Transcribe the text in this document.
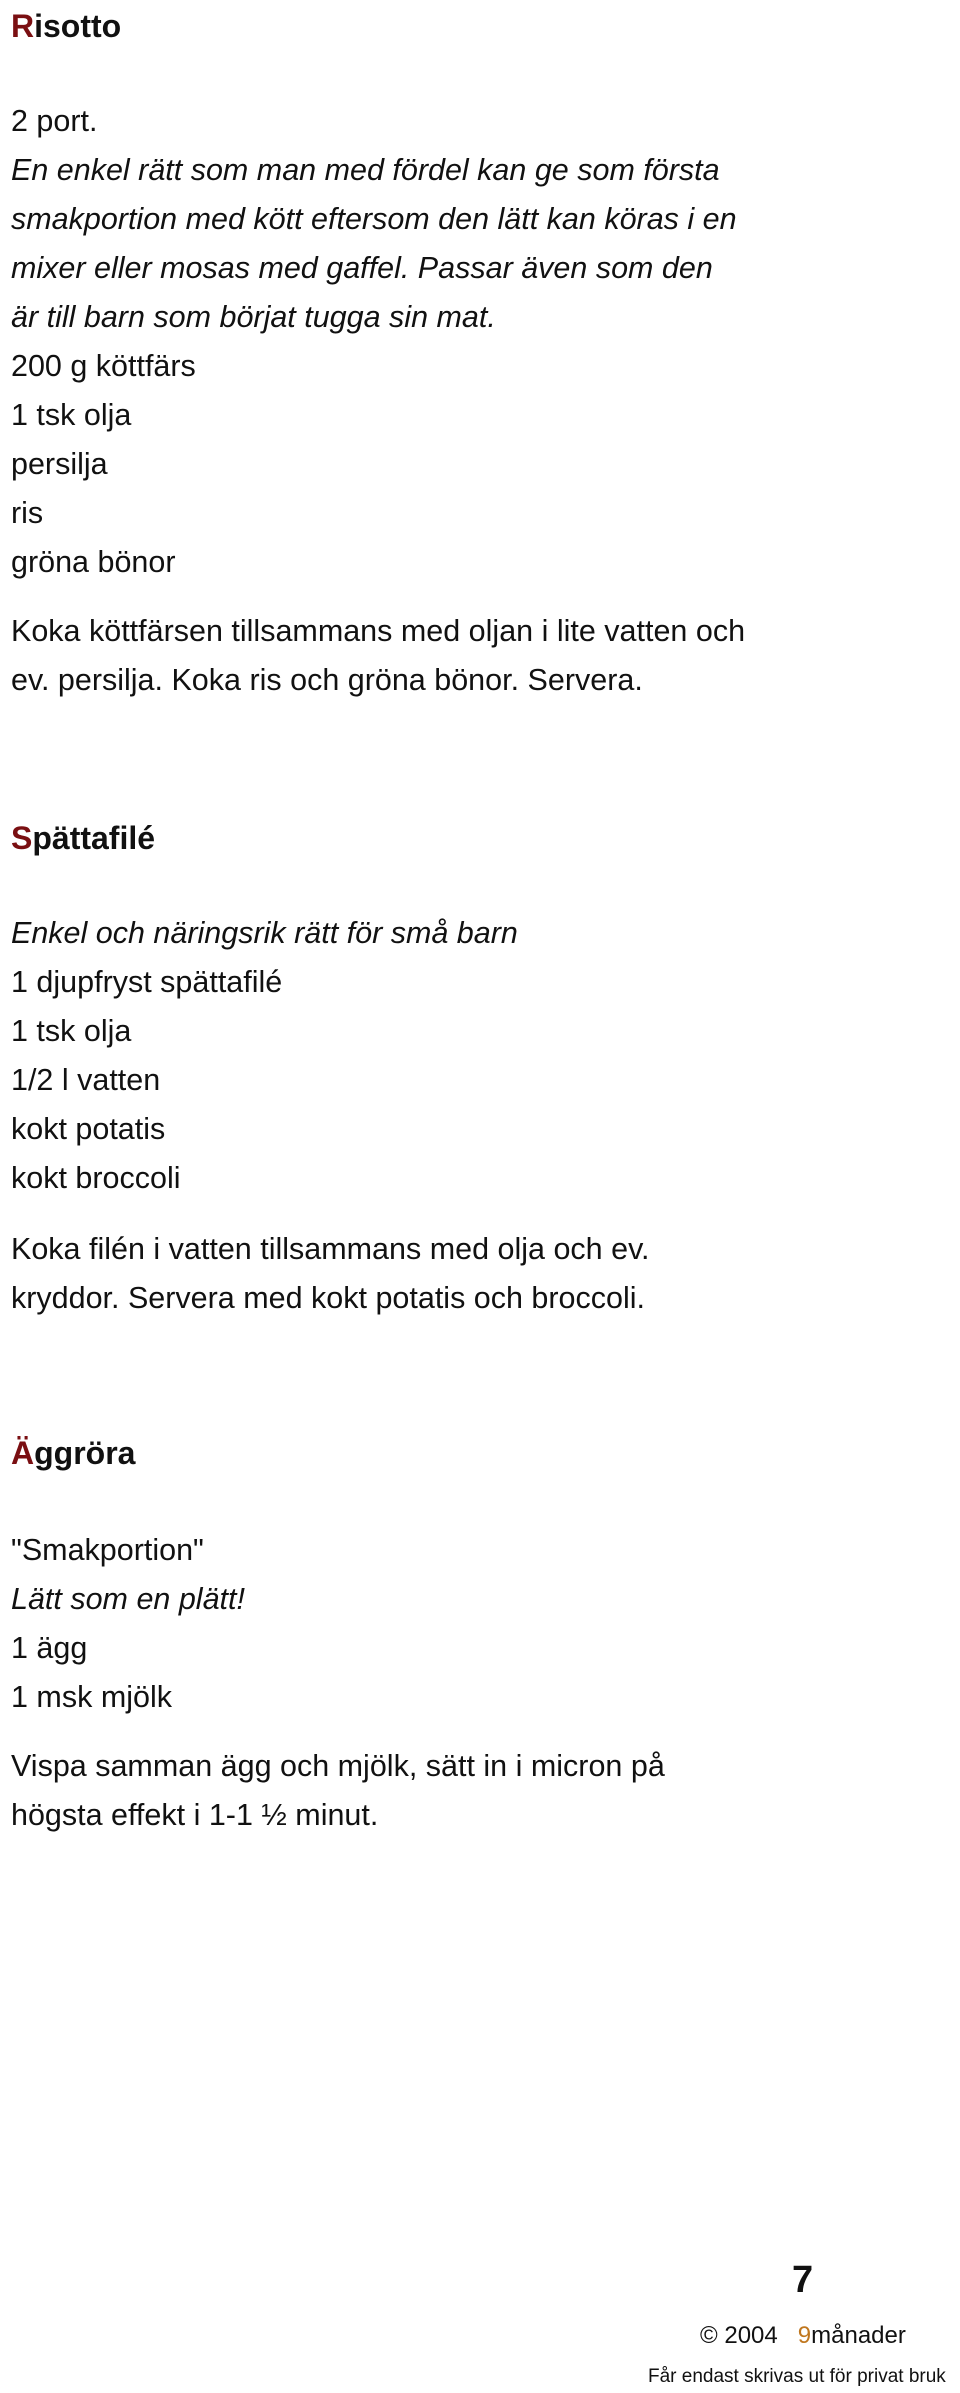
Risotto

2 port.

En enkel rätt som man med fördel kan ge som första

smakportion med kött eftersom den lätt kan köras i en

mixer eller mosas med gaffel. Passar även som den

är till barn som börjat tugga sin mat.

200 g köttfärs

1 tsk olja

persilja

ris

gröna bönor

Koka köttfärsen tillsammans med oljan i lite vatten och

ev. persilja. Koka ris och gröna bönor. Servera.

Spättafilé

Enkel och näringsrik rätt för små barn

1 djupfryst spättafilé

1 tsk olja

1/2 l vatten

kokt potatis

kokt broccoli

Koka filén i vatten tillsammans med olja och ev.

kryddor. Servera med kokt potatis och broccoli.

Äggröra

"Smakportion"

Lätt som en plätt!

1 ägg

1 msk mjölk

Vispa samman ägg och mjölk, sätt in i micron på

högsta effekt i 1-1 ½ minut.

7
© 2004 9månader
Får endast skrivas ut för privat bruk
